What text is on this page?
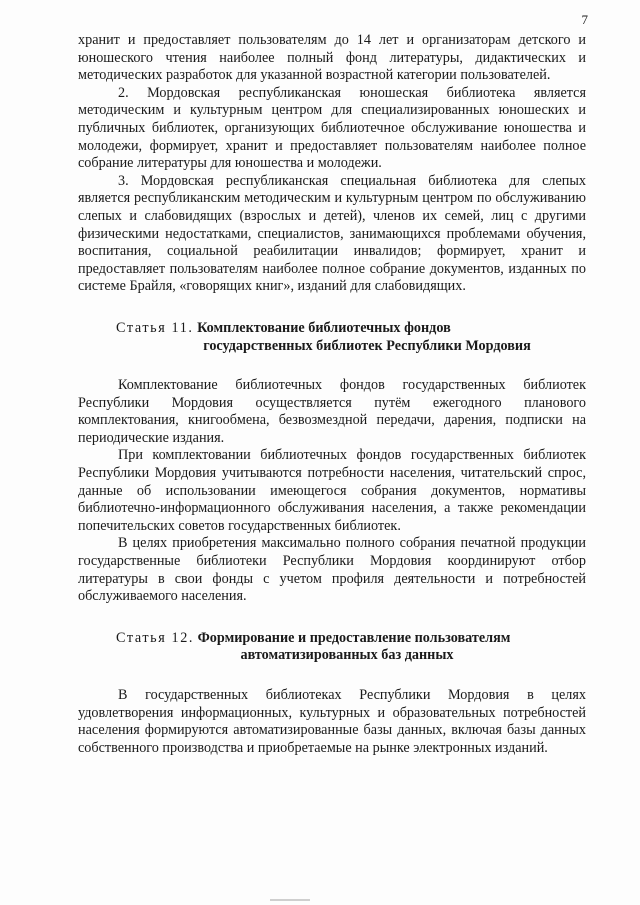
7

хранит и предоставляет пользователям до 14 лет и организаторам детского и юношеского чтения наиболее полный фонд литературы, дидактических и методических разработок для указанной возрастной категории пользователей.

2. Мордовская республиканская юношеская библиотека является методическим и культурным центром для специализированных юношеских и публичных библиотек, организующих библиотечное обслуживание юношества и молодежи, формирует, хранит и предоставляет пользователям наиболее полное собрание литературы для юношества и молодежи.

3. Мордовская республиканская специальная библиотека для слепых является республиканским методическим и культурным центром по обслуживанию слепых и слабовидящих (взрослых и детей), членов их семей, лиц с другими физическими недостатками, специалистов, занимающихся проблемами обучения, воспитания, социальной реабилитации инвалидов; формирует, хранит и предоставляет пользователям наиболее полное собрание документов, изданных по системе Брайля, «говорящих книг», изданий для слабовидящих.

Статья 11. Комплектование библиотечных фондов
государственных библиотек Республики Мордовия

Комплектование библиотечных фондов государственных библиотек Республики Мордовия осуществляется путём ежегодного планового комплектования, книгообмена, безвозмездной передачи, дарения, подписки на периодические издания.

При комплектовании библиотечных фондов государственных библиотек Республики Мордовия учитываются потребности населения, читательский спрос, данные об использовании имеющегося собрания документов, нормативы библиотечно-информационного обслуживания населения, а также рекомендации попечительских советов государственных библиотек.

В целях приобретения максимально полного собрания печатной продукции государственные библиотеки Республики Мордовия координируют отбор литературы в свои фонды с учетом профиля деятельности и потребностей обслуживаемого населения.

Статья 12. Формирование и предоставление пользователям
автоматизированных баз данных

В государственных библиотеках Республики Мордовия в целях удовлетворения информационных, культурных и образовательных потребностей населения формируются автоматизированные базы данных, включая базы данных собственного производства и приобретаемые на рынке электронных изданий.
